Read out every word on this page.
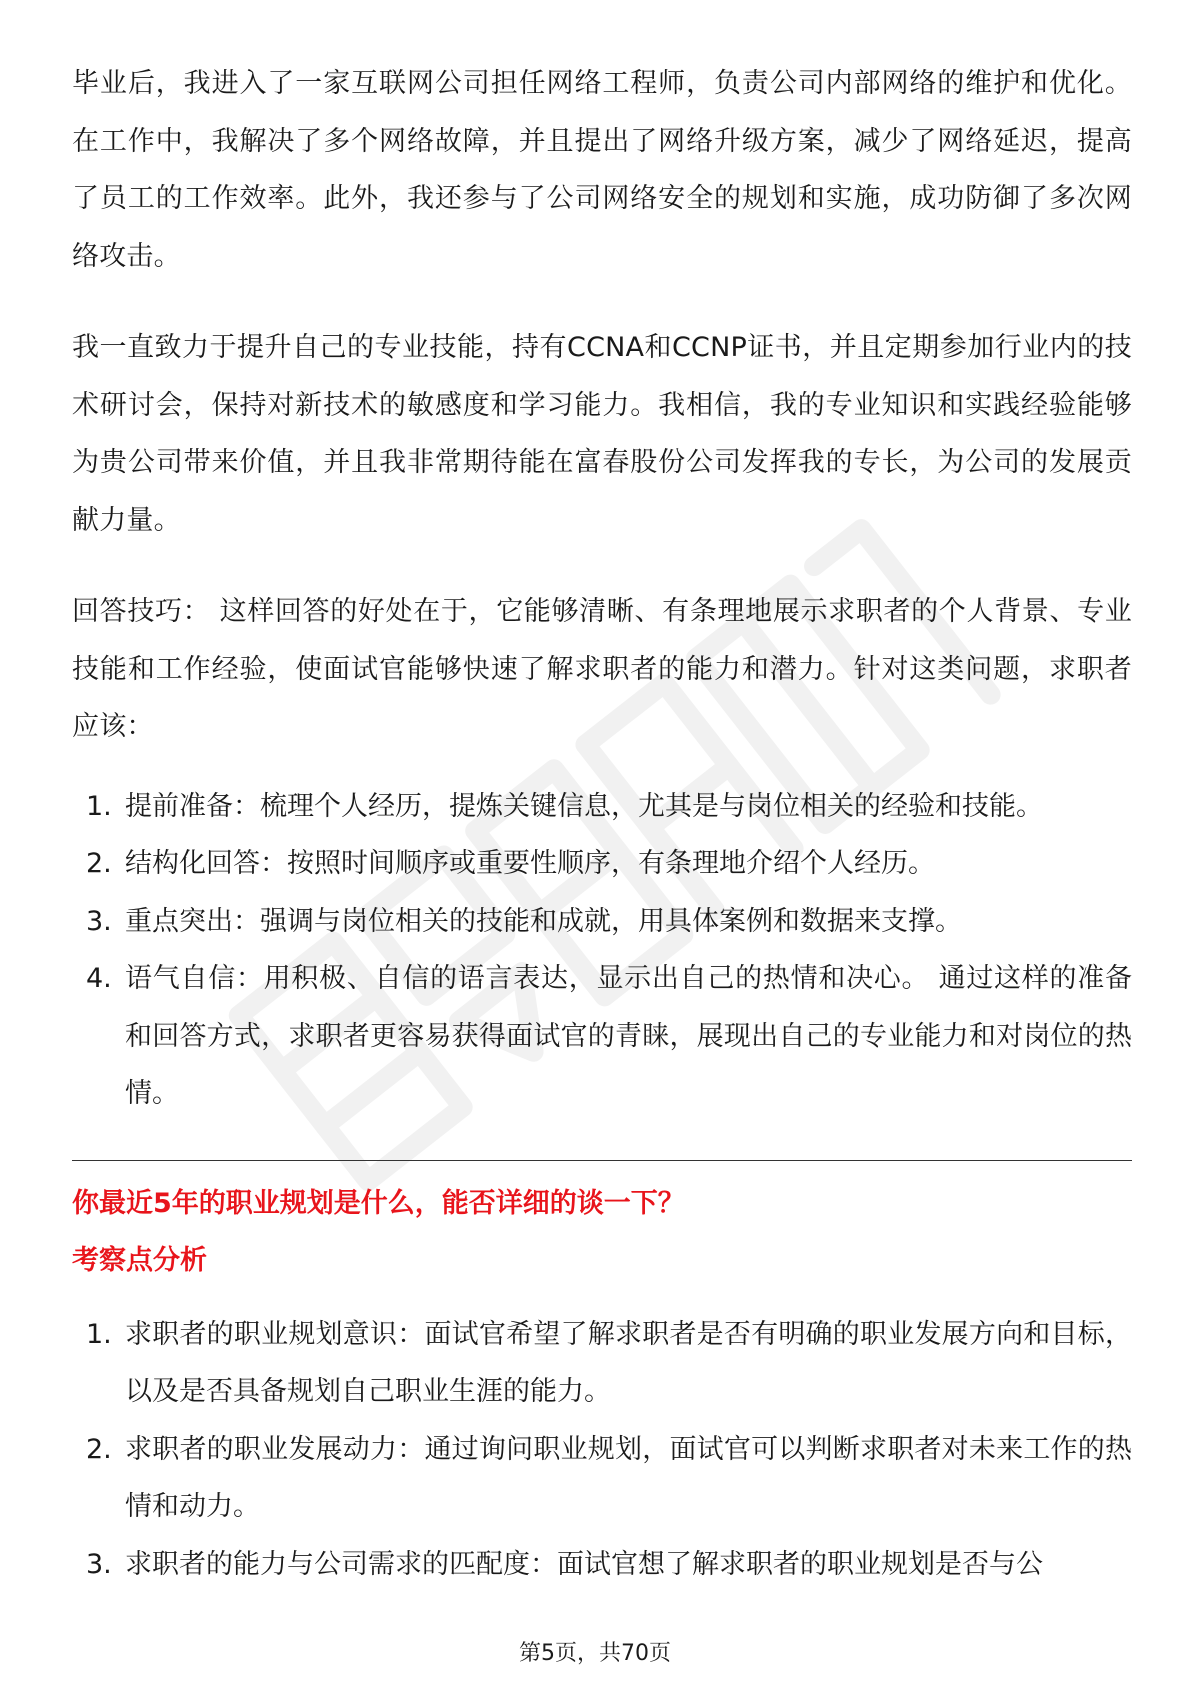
毕业后，我进入了一家互联网公司担任网络工程师，负责公司内部网络的维护和优化。在工作中，我解决了多个网络故障，并且提出了网络升级方案，减少了网络延迟，提高了员工的工作效率。此外，我还参与了公司网络安全的规划和实施，成功防御了多次网络攻击。

我一直致力于提升自己的专业技能，持有CCNA和CCNP证书，并且定期参加行业内的技术研讨会，保持对新技术的敏感度和学习能力。我相信，我的专业知识和实践经验能够为贵公司带来价值，并且我非常期待能在富春股份公司发挥我的专长，为公司的发展贡献力量。

回答技巧： 这样回答的好处在于，它能够清晰、有条理地展示求职者的个人背景、专业技能和工作经验，使面试官能够快速了解求职者的能力和潜力。针对这类问题，求职者应该：

1. 提前准备：梳理个人经历，提炼关键信息，尤其是与岗位相关的经验和技能。
2. 结构化回答：按照时间顺序或重要性顺序，有条理地介绍个人经历。
3. 重点突出：强调与岗位相关的技能和成就，用具体案例和数据来支撑。
4. 语气自信：用积极、自信的语言表达，显示出自己的热情和决心。 通过这样的准备和回答方式，求职者更容易获得面试官的青睐，展现出自己的专业能力和对岗位的热情。

你最近5年的职业规划是什么，能否详细的谈一下？

考察点分析

1. 求职者的职业规划意识：面试官希望了解求职者是否有明确的职业发展方向和目标，以及是否具备规划自己职业生涯的能力。
2. 求职者的职业发展动力：通过询问职业规划，面试官可以判断求职者对未来工作的热情和动力。
3. 求职者的能力与公司需求的匹配度：面试官想了解求职者的职业规划是否与公
第5页，共70页
